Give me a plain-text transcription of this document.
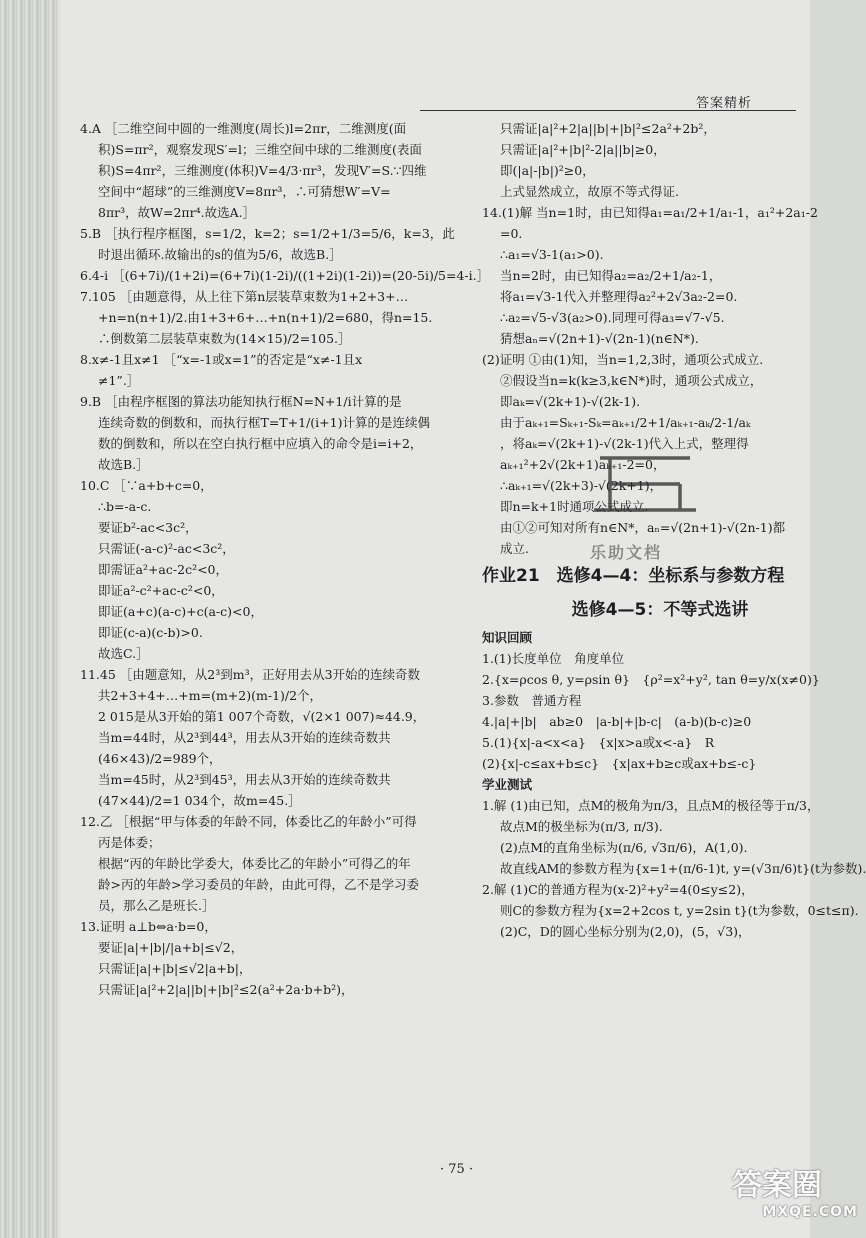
答案精析
4.A ［二维空间中圆的一维测度(周长)l=2πr，二维测度(面
积)S=πr²，观察发现S′=l；三维空间中球的二维测度(表面
积)S=4πr²，三维测度(体积)V=4/3·πr³，发现V′=S.∵四维
空间中“超球”的三维测度V=8πr³，∴可猜想W′=V=
8πr³，故W=2πr⁴.故选A.］
5.B ［执行程序框图，s=1/2，k=2；s=1/2+1/3=5/6，k=3，此
时退出循环.故输出的s的值为5/6，故选B.］
6.4-i ［(6+7i)/(1+2i)=(6+7i)(1-2i)/((1+2i)(1-2i))=(20-5i)/5=4-i.］
7.105 ［由题意得，从上往下第n层装草束数为1+2+3+…
+n=n(n+1)/2.由1+3+6+…+n(n+1)/2=680，得n=15.
∴倒数第二层装草束数为(14×15)/2=105.］
8.x≠-1且x≠1 ［“x=-1或x=1”的否定是“x≠-1且x
≠1”.］
9.B ［由程序框图的算法功能知执行框N=N+1/i计算的是
连续奇数的倒数和，而执行框T=T+1/(i+1)计算的是连续偶
数的倒数和，所以在空白执行框中应填入的命令是i=i+2，
故选B.］
10.C ［∵a+b+c=0，
∴b=-a-c.
要证b²-ac<3c²，
只需证(-a-c)²-ac<3c²，
即需证a²+ac-2c²<0，
即证a²-c²+ac-c²<0，
即证(a+c)(a-c)+c(a-c)<0，
即证(c-a)(c-b)>0.
故选C.］
11.45 ［由题意知，从2³到m³，正好用去从3开始的连续奇数
共2+3+4+…+m=(m+2)(m-1)/2个，
2 015是从3开始的第1 007个奇数，√(2×1 007)≈44.9，
当m=44时，从2³到44³，用去从3开始的连续奇数共
(46×43)/2=989个，
当m=45时，从2³到45³，用去从3开始的连续奇数共
(47×44)/2=1 034个，故m=45.］
12.乙 ［根据“甲与体委的年龄不同，体委比乙的年龄小”可得
丙是体委；
根据“丙的年龄比学委大，体委比乙的年龄小”可得乙的年
龄>丙的年龄>学习委员的年龄，由此可得，乙不是学习委
员，那么乙是班长.］
13.证明 a⊥b⇔a·b=0，
要证|a|+|b|/|a+b|≤√2，
只需证|a|+|b|≤√2|a+b|，
只需证|a|²+2|a||b|+|b|²≤2(a²+2a·b+b²)，
只需证|a|²+2|a||b|+|b|²≤2a²+2b²，
只需证|a|²+|b|²-2|a||b|≥0，
即(|a|-|b|)²≥0，
上式显然成立，故原不等式得证.
14.(1)解 当n=1时，由已知得a₁=a₁/2+1/a₁-1，a₁²+2a₁-2
=0.
∴a₁=√3-1(a₁>0).
当n=2时，由已知得a₂=a₂/2+1/a₂-1，
将a₁=√3-1代入并整理得a₂²+2√3a₂-2=0.
∴a₂=√5-√3(a₂>0).同理可得a₃=√7-√5.
猜想aₙ=√(2n+1)-√(2n-1)(n∈N*).
(2)证明 ①由(1)知，当n=1,2,3时，通项公式成立.
②假设当n=k(k≥3,k∈N*)时，通项公式成立，
即aₖ=√(2k+1)-√(2k-1).
由于aₖ₊₁=Sₖ₊₁-Sₖ=aₖ₊₁/2+1/aₖ₊₁-aₖ/2-1/aₖ
，将aₖ=√(2k+1)-√(2k-1)代入上式，整理得
aₖ₊₁²+2√(2k+1)aₖ₊₁-2=0，
∴aₖ₊₁=√(2k+3)-√(2k+1)，
即n=k+1时通项公式成立.
由①②可知对所有n∈N*，aₙ=√(2n+1)-√(2n-1)都
成立.
作业21　选修4—4：坐标系与参数方程
选修4—5：不等式选讲
知识回顾
1.(1)长度单位　角度单位
2.{x=ρcos θ, y=ρsin θ}　{ρ²=x²+y², tan θ=y/x(x≠0)}
3.参数　普通方程
4.|a|+|b|　ab≥0　|a-b|+|b-c|　(a-b)(b-c)≥0
5.(1){x|-a<x<a}　{x|x>a或x<-a}　R
(2){x|-c≤ax+b≤c}　{x|ax+b≥c或ax+b≤-c}
学业测试
1.解 (1)由已知，点M的极角为π/3，且点M的极径等于π/3，
故点M的极坐标为(π/3, π/3).
(2)点M的直角坐标为(π/6, √3π/6)，A(1,0).
故直线AM的参数方程为{x=1+(π/6-1)t, y=(√3π/6)t}(t为参数).
2.解 (1)C的普通方程为(x-2)²+y²=4(0≤y≤2)，
则C的参数方程为{x=2+2cos t, y=2sin t}(t为参数，0≤t≤π).
(2)C，D的圆心坐标分别为(2,0)，(5，√3)，
· 75 ·
乐助文档
答案圈
MXQE.COM
